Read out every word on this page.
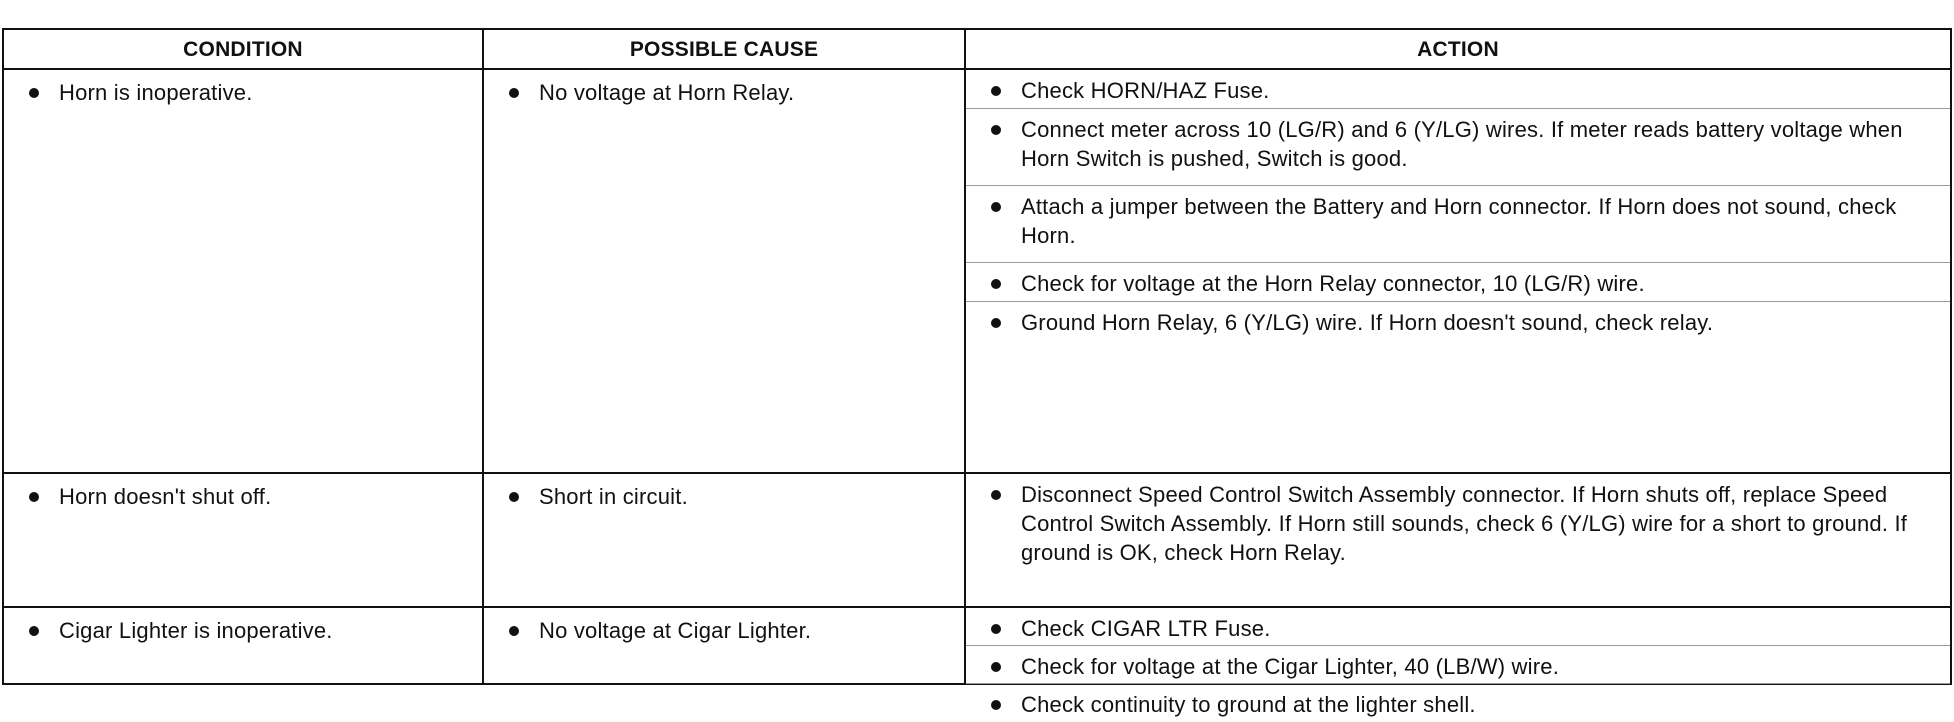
CONDITION	POSSIBLE CAUSE	ACTION
Horn is inoperative.	No voltage at Horn Relay.	Check HORN/HAZ Fuse.
Connect meter across 10 (LG/R) and 6 (Y/LG) wires. If meter reads battery voltage when Horn Switch is pushed, Switch is good.
Attach a jumper between the Battery and Horn connector. If Horn does not sound, check Horn.
Check for voltage at the Horn Relay connector, 10 (LG/R) wire.
Ground Horn Relay, 6 (Y/LG) wire. If Horn doesn't sound, check relay.
Horn doesn't shut off.	Short in circuit.	Disconnect Speed Control Switch Assembly connector. If Horn shuts off, replace Speed Control Switch Assembly. If Horn still sounds, check 6 (Y/LG) wire for a short to ground. If ground is OK, check Horn Relay.
Cigar Lighter is inoperative.	No voltage at Cigar Lighter.	Check CIGAR LTR Fuse.
Check for voltage at the Cigar Lighter, 40 (LB/W) wire.
Check continuity to ground at the lighter shell.
